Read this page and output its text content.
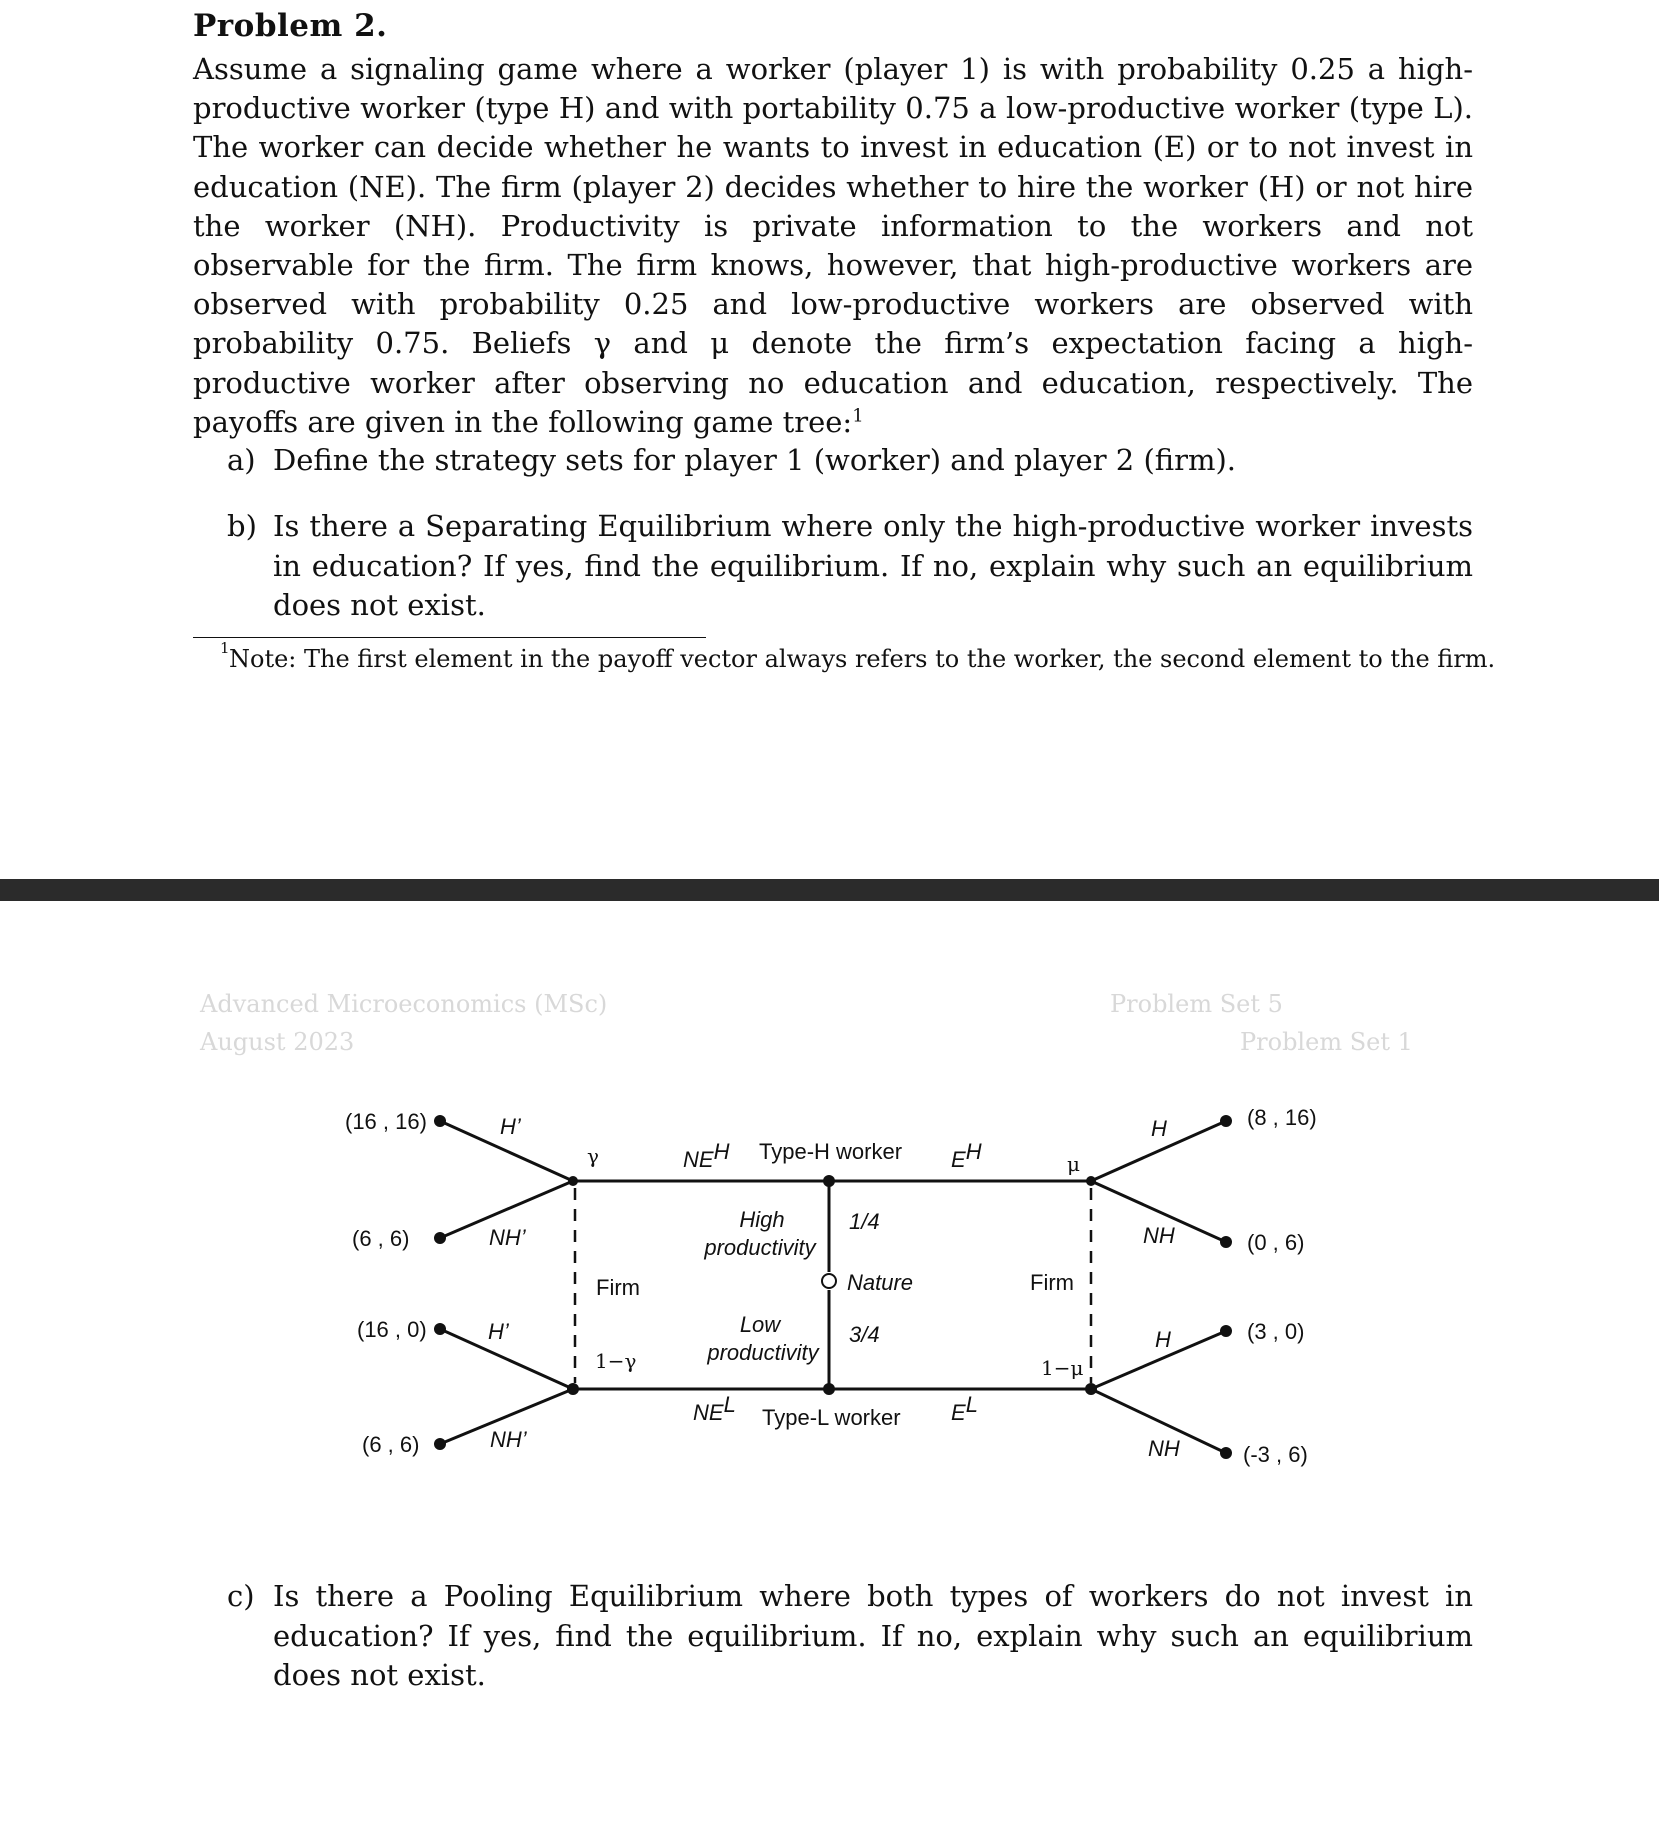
Problem 2.

Assume a signaling game where a worker (player 1) is with probability 0.25 a high-productive worker (type H) and with portability 0.75 a low-productive worker (type L). The worker can decide whether he wants to invest in education (E) or to not invest in education (NE). The firm (player 2) decides whether to hire the worker (H) or not hire the worker (NH). Productivity is private information to the workers and not observable for the firm. The firm knows, however, that high-productive workers are observed with probability 0.25 and low-productive workers are observed with probability 0.75. Beliefs γ and μ denote the firm’s expectation facing a high-productive worker after observing no education and education, respectively. The payoffs are given in the following game tree:$^1$

a) Define the strategy sets for player 1 (worker) and player 2 (firm).
b) Is there a Separating Equilibrium where only the high-productive worker invests in education? If yes, find the equilibrium. If no, explain why such an equilibrium does not exist.
1 Note: The first element in the payoff vector always refers to the worker, the second element to the firm.
Advanced Microeconomics (MSc)
August 2023
Problem Set 5
Problem Set 1
(16 , 16)
(6 , 6)
(16 , 0)
(6 , 6)
(8 , 16)
(0 , 6)
(3 , 0)
(-3 , 6)
H’
NH’
H’
NH’
H
NH
H
NH
NEH	EH
NEL	EL
Type-H worker
Type-L worker
Nature
Firm	Firm
High
productivity
1/4
Low
productivity
3/4
γ
1−γ
μ
1−μ
c) Is there a Pooling Equilibrium where both types of workers do not invest in education? If yes, find the equilibrium. If no, explain why such an equilibrium does not exist.
